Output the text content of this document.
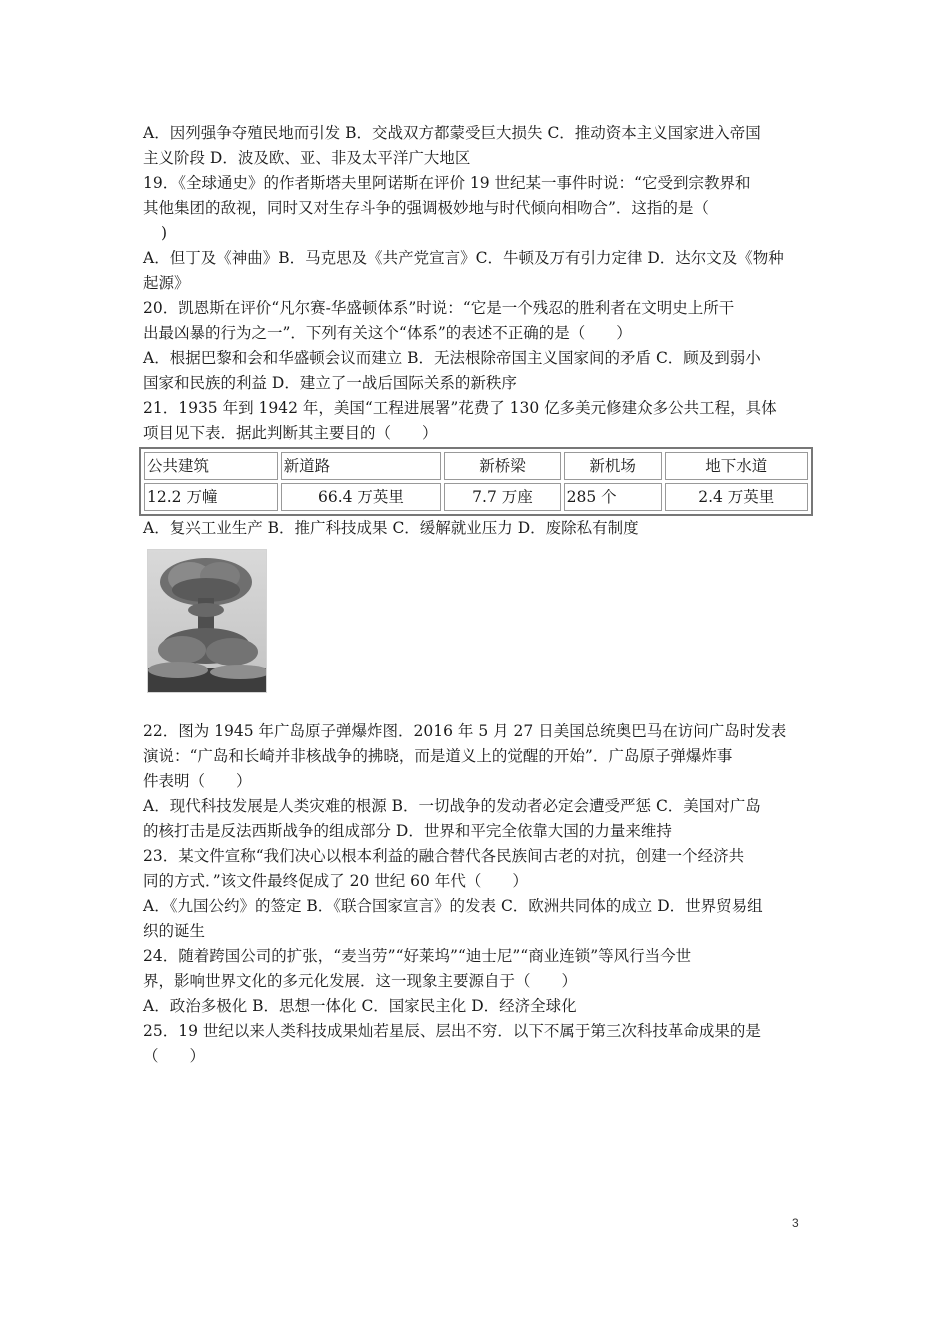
A．因列强争夺殖民地而引发 B．交战双方都蒙受巨大损失 C．推动资本主义国家进入帝国
主义阶段 D．波及欧、亚、非及太平洋广大地区
19．《全球通史》的作者斯塔夫里阿诺斯在评价 19 世纪某一事件时说：“它受到宗教界和
其他集团的敌视，同时又对生存斗争的强调极妙地与时代倾向相吻合”．这指的是（
)
A．但丁及《神曲》B．马克思及《共产党宣言》C．牛顿及万有引力定律 D．达尔文及《物种
起源》
20．凯恩斯在评价“凡尔赛-华盛顿体系”时说：“它是一个残忍的胜利者在文明史上所干
出最凶暴的行为之一”．下列有关这个“体系”的表述不正确的是（　　）
A．根据巴黎和会和华盛顿会议而建立 B．无法根除帝国主义国家间的矛盾 C．顾及到弱小
国家和民族的利益 D．建立了一战后国际关系的新秩序
21．1935 年到 1942 年，美国“工程进展署”花费了 130 亿多美元修建众多公共工程，具体
项目见下表．据此判断其主要目的（　　）
公共建筑	新道路	新桥梁	新机场	地下水道
12.2 万幢	66.4 万英里	7.7 万座	285 个	2.4 万英里
A．复兴工业生产 B．推广科技成果 C．缓解就业压力 D．废除私有制度
22．图为 1945 年广岛原子弹爆炸图．2016 年 5 月 27 日美国总统奥巴马在访问广岛时发表
演说：“广岛和长崎并非核战争的拂晓，而是道义上的觉醒的开始”．广岛原子弹爆炸事
件表明（　　）
A．现代科技发展是人类灾难的根源 B．一切战争的发动者必定会遭受严惩 C．美国对广岛
的核打击是反法西斯战争的组成部分 D．世界和平完全依靠大国的力量来维持
23．某文件宣称“我们决心以根本利益的融合替代各民族间古老的对抗，创建一个经济共
同的方式．”该文件最终促成了 20 世纪 60 年代（　　）
A．《九国公约》的签定 B．《联合国家宣言》的发表 C．欧洲共同体的成立 D．世界贸易组
织的诞生
24．随着跨国公司的扩张，“麦当劳”“好莱坞”“迪士尼”“商业连锁”等风行当今世
界，影响世界文化的多元化发展．这一现象主要源自于（　　）
A．政治多极化 B．思想一体化 C．国家民主化 D．经济全球化
25．19 世纪以来人类科技成果灿若星辰、层出不穷．以下不属于第三次科技革命成果的是
（　　）
3
